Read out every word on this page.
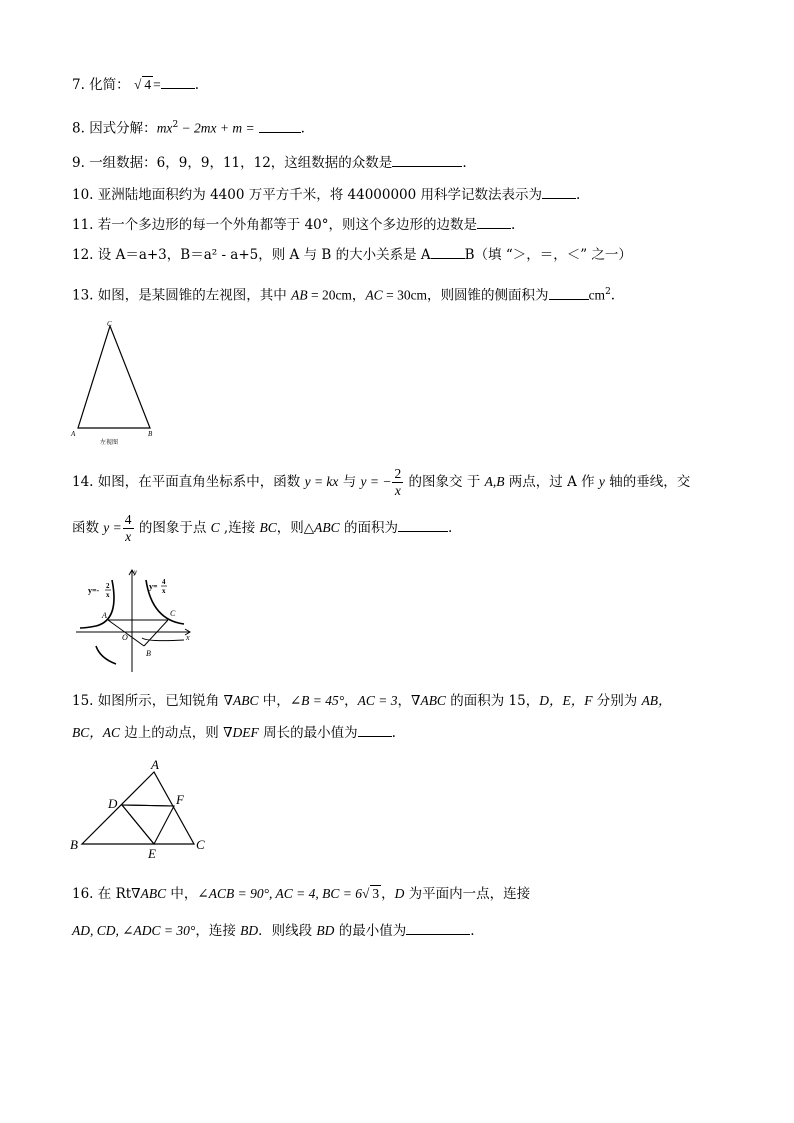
7. 化简： √ 4 =	.
8. 因式分解：$mx^2 - 2mx + m$ =	.
9. 一组数据：6，9，9，11，12，这组数据的众数是	.
10. 亚洲陆地面积约为 4400 万平方千米，将 44000000 用科学记数法表示为	.
11. 若一个多边形的每一个外角都等于 40°，则这个多边形的边数是	.
12. 设 A＝a+3，B＝a² - a+5，则 A 与 B 的大小关系是 A	B（填 “＞，＝，＜” 之一）
13. 如图，是某圆锥的左视图，其中 AB = 20cm，AC = 30cm，则圆锥的侧面积为	$cm^2$.
C
A	B
左视图
14. 如图，在平面直角坐标系中，函数 y = kx 与 y = − $\frac{2}{x}$ 的图象交 于 A,B 两点，过 A 作 y 轴的垂线，交
函数 $y = \frac{4}{x}$ 的图象于点 C ,连接 BC，则△ABC 的面积为	.
y=- 2
x
y= 4
x
y
x
O
A	C
B
15. 如图所示，已知锐角 ∇ABC 中，∠B = 45°，AC = 3，∇ABC 的面积为 15，D，E，F 分别为 AB，
BC，AC 边上的动点，则 ∇DEF 周长的最小值为	.
A
B	C
D
E
F
16. 在 Rt∇ABC 中，∠ACB = 90°, AC = 4, BC = 6√ 3 ，D 为平面内一点，连接
AD, CD, ∠ADC = 30°，连接 BD．则线段 BD 的最小值为	.
